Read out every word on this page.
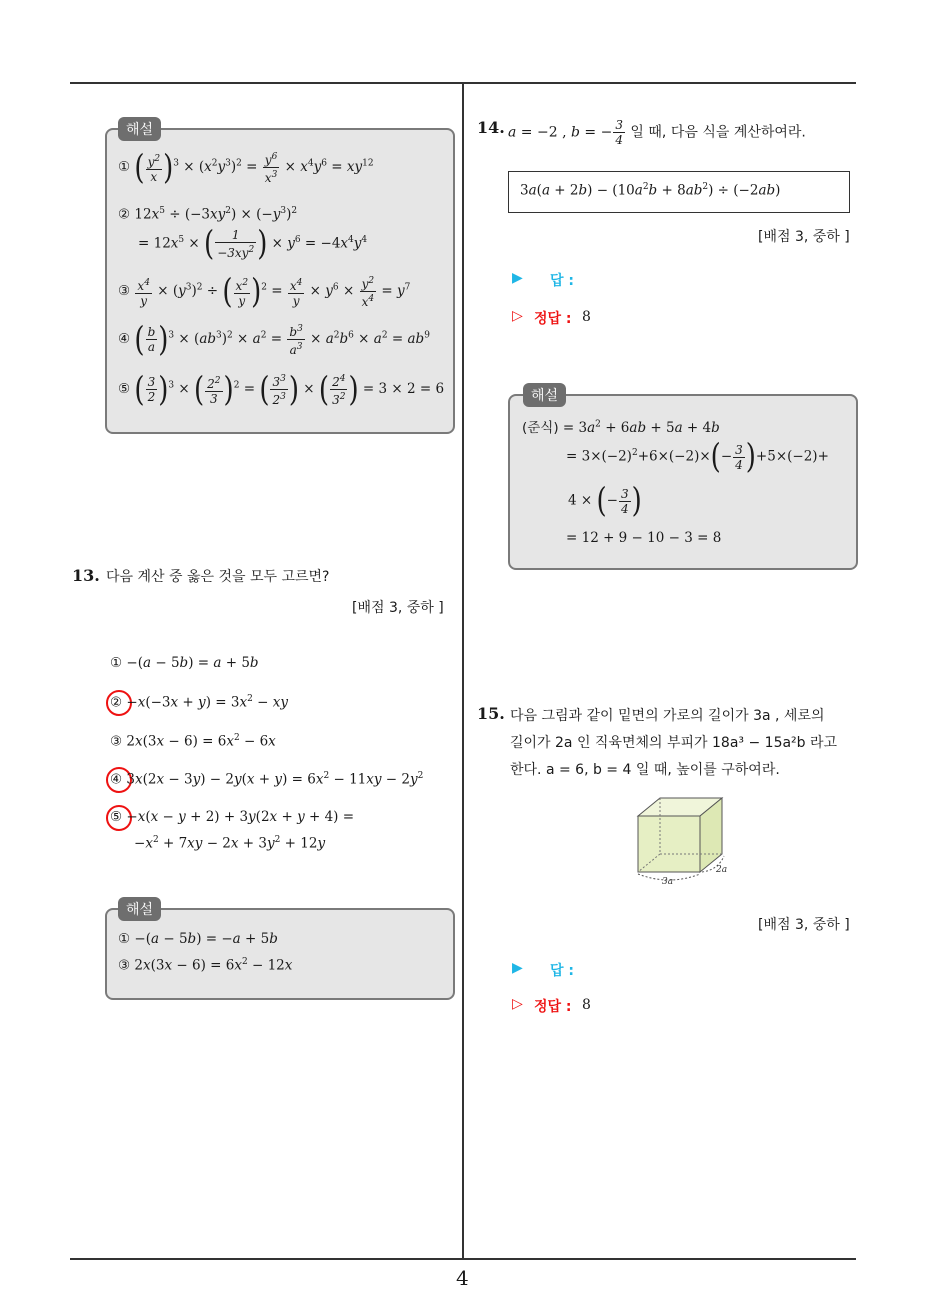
해설
① ( $\frac{y^2}{x} )^3 \times (x^2y^3)^2 = \frac{y^6}{x^3} \times x^4y^6 = xy^{12}$
② $12x^5 \div (-3xy^2) \times (-y^3)^2$
= $12x^5$ × ( $\frac{1}{-3xy^2}$ ) × $y^6 = -4x^4y^4$
③ $\frac{x^4}{y} \times (y^3)^2$ ÷ ( $\frac{x^2}{y} )^2 = \frac{x^4}{y} \times y^6 \times \frac{y^2}{x^4} = y^7$
④ ( $\frac{b}{a} )^3 \times (ab^3)^2 \times a^2 = \frac{b^3}{a^3} \times a^2b^6 \times a^2 = ab^9$
⑤ ( $\frac{3}{2} )^3$ × ( $\frac{2^2}{3} )^2$ = ( $\frac{3^3}{2^3}$ ) × ( $\frac{2^4}{3^2}$ ) = 3 × 2 = 6
13. 다음 계산 중 옳은 것을 모두 고르면?
[배점 3, 중하 ]
① −(a − 5b) = a + 5b
② $-x(-3x + y) = 3x^2$ − xy
③ $2x(3x - 6) = 6x^2 - 6x$
④ $3x(2x - 3y) - 2y(x + y) = 6x^2 - 11xy - 2y^2$
⑤ −x(x − y + 2) + 3y(2x + y + 4) =
$-x^2 + 7xy - 2x + 3y^2 + 12y$
해설
① −(a − 5b) = −a + 5b
③ $2x(3x - 6) = 6x^2 - 12x$
14. a = −2 , b = − $\frac{3}{4}$ 일 때, 다음 식을 계산하여라.
$3a(a + 2b) - (10a^2b + 8ab^2) \div (-2ab)$
[배점 3, 중하 ]
▶ 답 :
▷ 정답 : 8
해설
(준식) = $3a^2 + 6ab + 5a + 4b$
= $3\times(-2)^2+6\times(-2)\times(- \frac{3}{4} )+5\times(-2)+$
4 × (− $\frac{3}{4}$ )
= 12 + 9 − 10 − 3 = 8
15. 다음 그림과 같이 밑면의 가로의 길이가 3a , 세로의
길이가 2a 인 직육면체의 부피가 18a³ − 15a²b 라고
한다. a = 6, b = 4 일 때, 높이를 구하여라.
3a
2a
[배점 3, 중하 ]
▶ 답 :
▷ 정답 : 8
4
